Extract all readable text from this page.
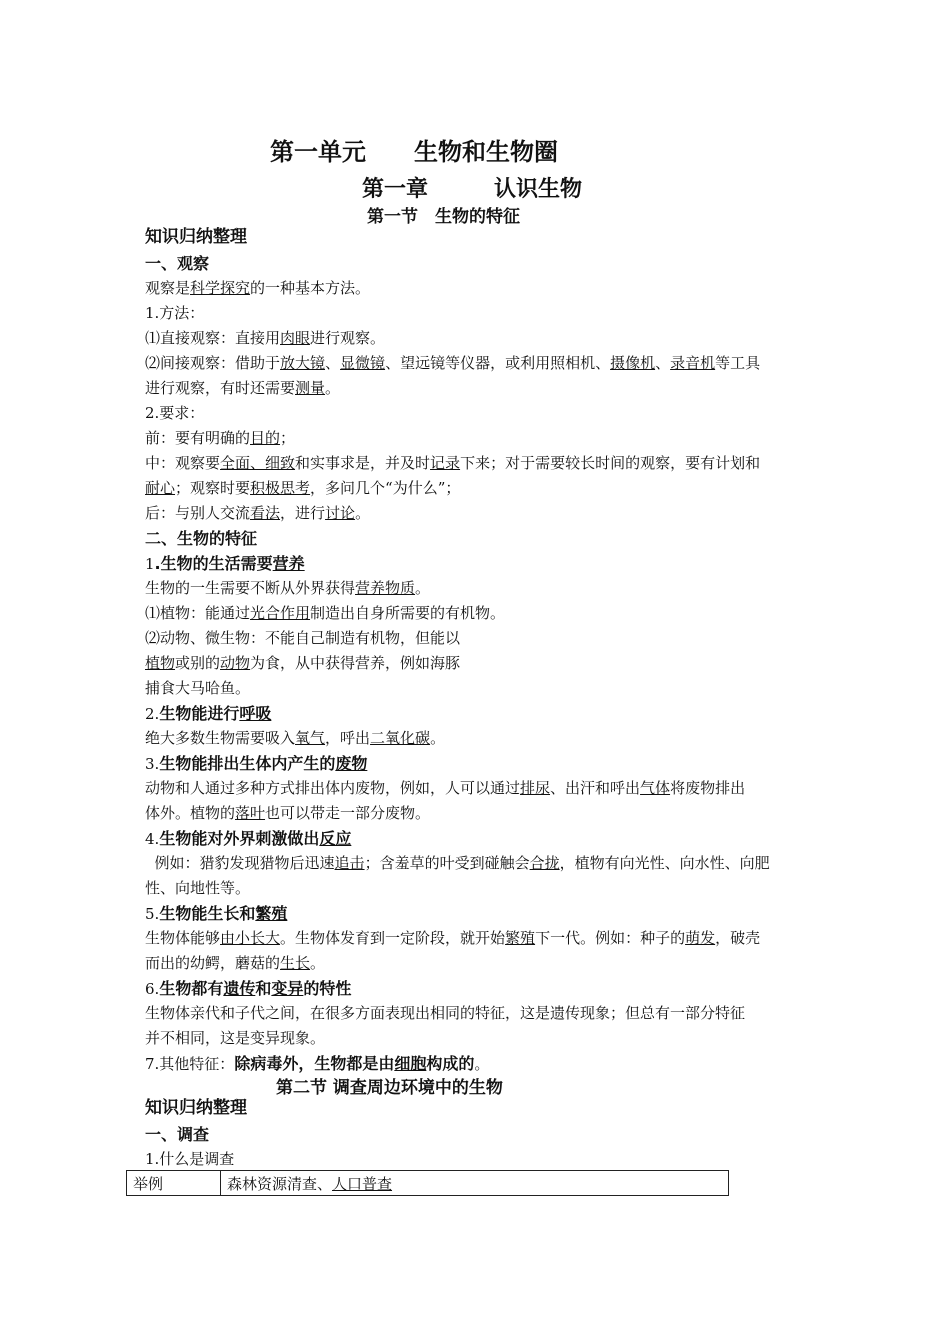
第一单元　　生物和生物圈
第一章　　　认识生物
第一节　生物的特征
知识归纳整理
一、观察
观察是科学探究的一种基本方法。
1.方法：
⑴直接观察：直接用肉眼进行观察。
⑵间接观察：借助于放大镜、显微镜、望远镜等仪器，或利用照相机、摄像机、录音机等工具
进行观察，有时还需要测量。
2.要求：
前：要有明确的目的；
中：观察要全面、细致和实事求是，并及时记录下来；对于需要较长时间的观察，要有计划和
耐心；观察时要积极思考，多问几个“为什么”；
后：与别人交流看法，进行讨论。
二、生物的特征
1.生物的生活需要营养
生物的一生需要不断从外界获得营养物质。
⑴植物：能通过光合作用制造出自身所需要的有机物。
⑵动物、微生物：不能自己制造有机物，但能以
植物或别的动物为食，从中获得营养，例如海豚
捕食大马哈鱼。
2.生物能进行呼吸
绝大多数生物需要吸入氧气，呼出二氧化碳。
3.生物能排出生体内产生的废物
动物和人通过多种方式排出体内废物，例如，人可以通过排尿、出汗和呼出气体将废物排出
体外。植物的落叶也可以带走一部分废物。
4.生物能对外界刺激做出反应
例如：猎豹发现猎物后迅速追击；含羞草的叶受到碰触会合拢，植物有向光性、向水性、向肥
性、向地性等。
5.生物能生长和繁殖
生物体能够由小长大。生物体发育到一定阶段，就开始繁殖下一代。例如：种子的萌发，破壳
而出的幼鳄，蘑菇的生长。
6.生物都有遗传和变异的特性
生物体亲代和子代之间，在很多方面表现出相同的特征，这是遗传现象；但总有一部分特征
并不相同，这是变异现象。
7.其他特征：除病毒外，生物都是由细胞构成的。
第二节 调查周边环境中的生物
知识归纳整理
一、调查
1.什么是调查
举例	森林资源清查、人口普查
